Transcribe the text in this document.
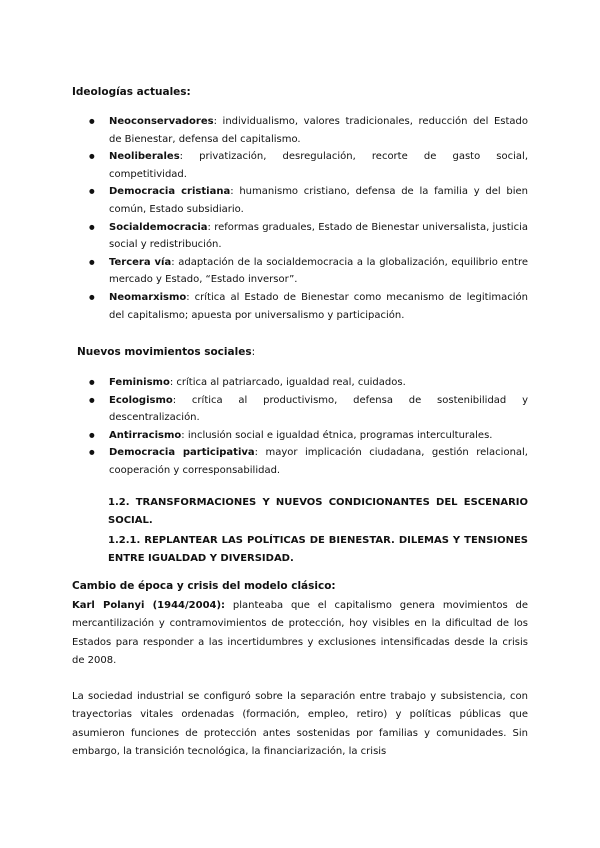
Ideologías actuales:
● Neoconservadores: individualismo, valores tradicionales, reducción del Estado de Bienestar, defensa del capitalismo.
● Neoliberales: privatización, desregulación, recorte de gasto social, competitividad.
● Democracia cristiana: humanismo cristiano, defensa de la familia y del bien común, Estado subsidiario.
● Socialdemocracia: reformas graduales, Estado de Bienestar universalista, justicia social y redistribución.
● Tercera vía: adaptación de la socialdemocracia a la globalización, equilibrio entre mercado y Estado, “Estado inversor”.
● Neomarxismo: crítica al Estado de Bienestar como mecanismo de legitimación del capitalismo; apuesta por universalismo y participación.
Nuevos movimientos sociales:
● Feminismo: crítica al patriarcado, igualdad real, cuidados.
● Ecologismo: crítica al productivismo, defensa de sostenibilidad y descentralización.
● Antirracismo: inclusión social e igualdad étnica, programas interculturales.
● Democracia participativa: mayor implicación ciudadana, gestión relacional, cooperación y corresponsabilidad.
1.2. TRANSFORMACIONES Y NUEVOS CONDICIONANTES DEL ESCENARIO SOCIAL.
1.2.1. REPLANTEAR LAS POLÍTICAS DE BIENESTAR. DILEMAS Y TENSIONES ENTRE IGUALDAD Y DIVERSIDAD.
Cambio de época y crisis del modelo clásico:

Karl Polanyi (1944/2004): planteaba que el capitalismo genera movimientos de mercantilización y contramovimientos de protección, hoy visibles en la dificultad de los Estados para responder a las incertidumbres y exclusiones intensificadas desde la crisis de 2008.

La sociedad industrial se configuró sobre la separación entre trabajo y subsistencia, con trayectorias vitales ordenadas (formación, empleo, retiro) y políticas públicas que asumieron funciones de protección antes sostenidas por familias y comunidades. Sin embargo, la transición tecnológica, la financiarización, la crisis
